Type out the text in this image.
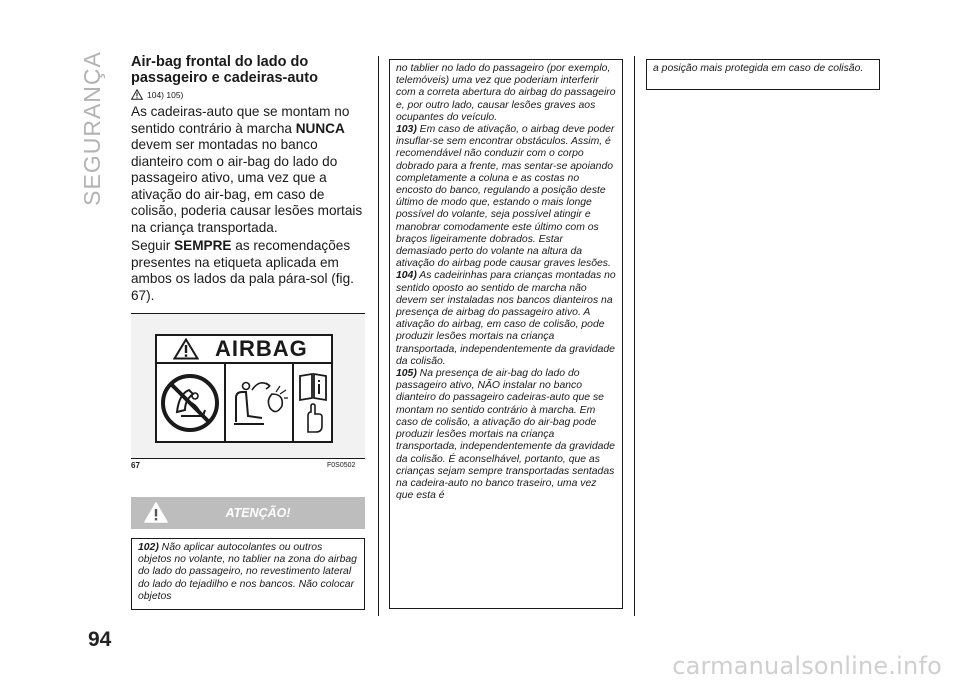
SEGURANÇA Air-bag frontal do lado do
passageiro e cadeiras-auto
104) 105)

As cadeiras-auto que se montam no sentido contrário à marcha NUNCA devem ser montadas no banco dianteiro com o air-bag do lado do passageiro ativo, uma vez que a ativação do air-bag, em caso de colisão, poderia causar lesões mortais na criança transportada.

Seguir SEMPRE as recomendações presentes na etiqueta aplicada em ambos os lados da pala pára-sol (fig. 67).

AIRBAG
67	F0S0502
ATENÇÃO!

102) Não aplicar autocolantes ou outros objetos no volante, no tablier na zona do airbag do lado do passageiro, no revestimento lateral do lado do tejadilho e nos bancos. Não colocar objetos

no tablier no lado do passageiro (por exemplo, telemóveis) uma vez que poderiam interferir com a correta abertura do airbag do passageiro e, por outro lado, causar lesões graves aos ocupantes do veículo.

103) Em caso de ativação, o airbag deve poder insuflar-se sem encontrar obstáculos. Assim, é recomendável não conduzir com o corpo dobrado para a frente, mas sentar-se apoiando completamente a coluna e as costas no encosto do banco, regulando a posição deste último de modo que, estando o mais longe possível do volante, seja possível atingir e manobrar comodamente este último com os braços ligeiramente dobrados. Estar demasiado perto do volante na altura da ativação do airbag pode causar graves lesões.

104) As cadeirinhas para crianças montadas no sentido oposto ao sentido de marcha não devem ser instaladas nos bancos dianteiros na presença de airbag do passageiro ativo. A ativação do airbag, em caso de colisão, pode produzir lesões mortais na criança transportada, independentemente da gravidade da colisão.

105) Na presença de air-bag do lado do passageiro ativo, NÃO instalar no banco dianteiro do passageiro cadeiras-auto que se montam no sentido contrário à marcha. Em caso de colisão, a ativação do air-bag pode produzir lesões mortais na criança transportada, independentemente da gravidade da colisão. É aconselhável, portanto, que as crianças sejam sempre transportadas sentadas na cadeira-auto no banco traseiro, uma vez que esta é

a posição mais protegida em caso de colisão.

94
carmanualsonline.info
